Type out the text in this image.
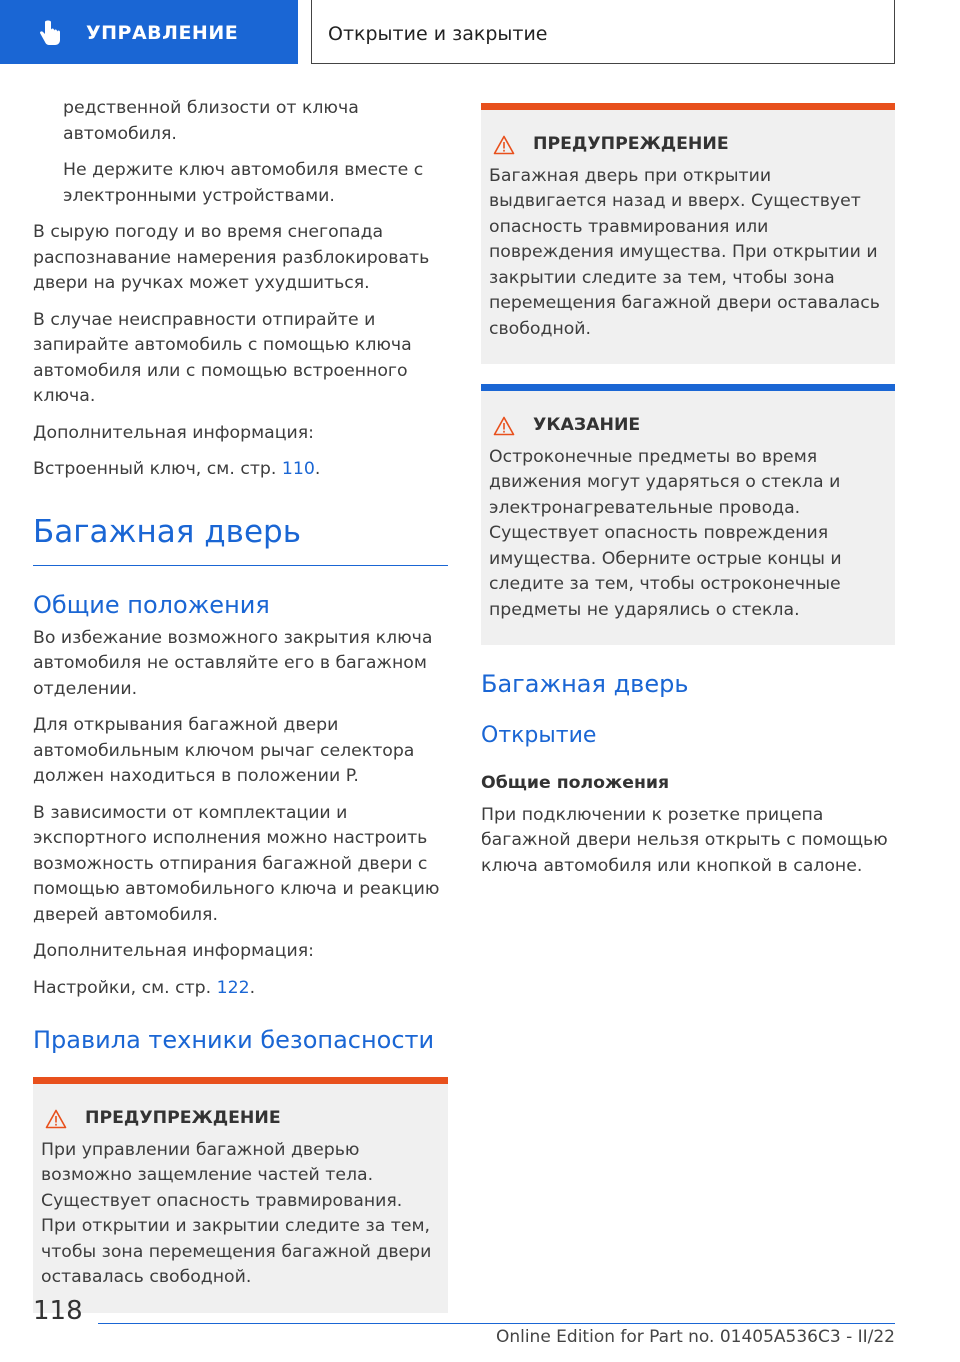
УПРАВЛЕНИЕ	Открытие и закрытие

редственной близости от ключа автомобиля.

Не держите ключ автомобиля вместе с электронными устройствами.

В сырую погоду и во время снегопада распознавание намерения разблокировать двери на ручках может ухудшиться.

В случае неисправности отпирайте и запирайте автомобиль с помощью ключа автомобиля или с помощью встроенного ключа.

Дополнительная информация:

Встроенный ключ, см. стр. 110.

Багажная дверь
Общие положения

Во избежание возможного закрытия ключа автомобиля не оставляйте его в багажном отделении.

Для открывания багажной двери автомобильным ключом рычаг селектора должен находиться в положении P.

В зависимости от комплектации и экспортного исполнения можно настроить возможность отпирания багажной двери с помощью автомобильного ключа и реакцию дверей автомобиля.

Дополнительная информация:

Настройки, см. стр. 122.

Правила техники безопасности
ПРЕДУПРЕЖДЕНИЕ

При управлении багажной дверью возможно защемление частей тела. Существует опасность травмирования. При открытии и закрытии следите за тем, чтобы зона перемещения багажной двери оставалась свободной.

ПРЕДУПРЕЖДЕНИЕ

Багажная дверь при открытии выдвигается назад и вверх. Существует опасность травмирования или повреждения имущества. При открытии и закрытии следите за тем, чтобы зона перемещения багажной двери оставалась свободной.

УКАЗАНИЕ

Остроконечные предметы во время движения могут ударяться о стекла и электронагревательные провода. Существует опасность повреждения имущества. Оберните острые концы и следите за тем, чтобы остроконечные предметы не ударялись о стекла.

Багажная дверь
Открытие
Общие положения

При подключении к розетке прицепа багажной двери нельзя открыть с помощью ключа автомобиля или кнопкой в салоне.

118
Online Edition for Part no. 01405A536C3 - II/22
